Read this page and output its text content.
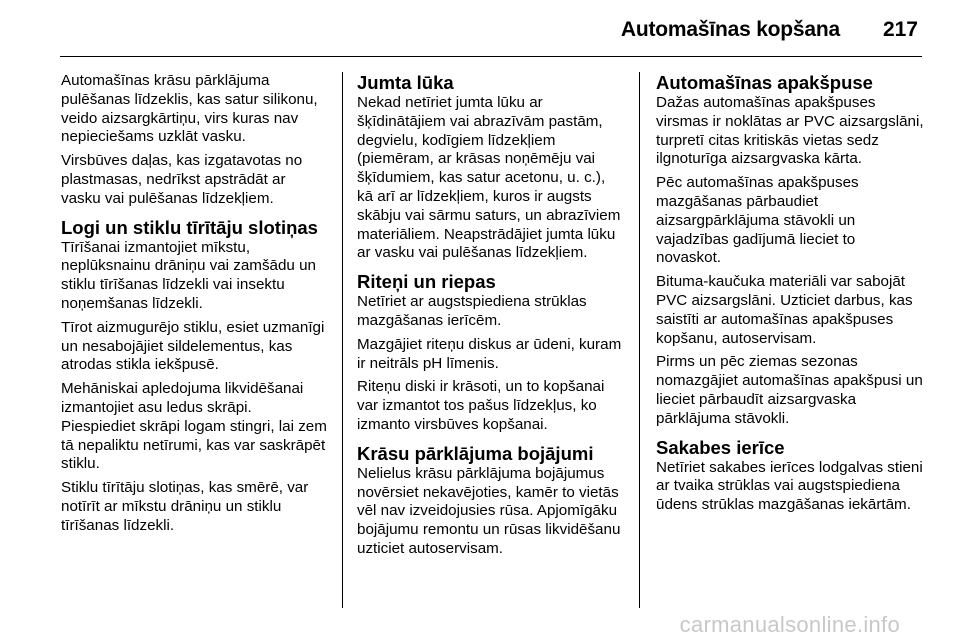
Automašīnas kopšana 217

Automašīnas krāsu pārklājuma pulēšanas līdzeklis, kas satur silikonu, veido aizsargkārtiņu, virs kuras nav nepieciešams uzklāt vasku.

Virsbūves daļas, kas izgatavotas no plastmasas, nedrīkst apstrādāt ar vasku vai pulēšanas līdzekļiem.

Logi un stiklu tīrītāju slotiņas

Tīrīšanai izmantojiet mīkstu, neplūksnainu drāniņu vai zamšādu un stiklu tīrīšanas līdzekli vai insektu noņemšanas līdzekli.

Tīrot aizmugurējo stiklu, esiet uzmanīgi un nesabojājiet sildelementus, kas atrodas stikla iekšpusē.

Mehāniskai apledojuma likvidēšanai izmantojiet asu ledus skrāpi. Piespiediet skrāpi logam stingri, lai zem tā nepaliktu netīrumi, kas var saskrāpēt stiklu.

Stiklu tīrītāju slotiņas, kas smērē, var notīrīt ar mīkstu drāniņu un stiklu tīrīšanas līdzekli.

Jumta lūka

Nekad netīriet jumta lūku ar šķīdinātājiem vai abrazīvām pastām, degvielu, kodīgiem līdzekļiem (piemēram, ar krāsas noņēmēju vai šķīdumiem, kas satur acetonu, u. c.), kā arī ar līdzekļiem, kuros ir augsts skābju vai sārmu saturs, un abrazīviem materiāliem. Neapstrādājiet jumta lūku ar vasku vai pulēšanas līdzekļiem.

Riteņi un riepas

Netīriet ar augstspiediena strūklas mazgāšanas ierīcēm.

Mazgājiet riteņu diskus ar ūdeni, kuram ir neitrāls pH līmenis.

Riteņu diski ir krāsoti, un to kopšanai var izmantot tos pašus līdzekļus, ko izmanto virsbūves kopšanai.

Krāsu pārklājuma bojājumi

Nelielus krāsu pārklājuma bojājumus novērsiet nekavējoties, kamēr to vietās vēl nav izveidojusies rūsa. Apjomīgāku bojājumu remontu un rūsas likvidēšanu uzticiet autoservisam.

Automašīnas apakšpuse

Dažas automašīnas apakšpuses virsmas ir noklātas ar PVC aizsargslāni, turpretī citas kritiskās vietas sedz ilgnoturīga aizsargvaska kārta.

Pēc automašīnas apakšpuses mazgāšanas pārbaudiet aizsargpārklājuma stāvokli un vajadzības gadījumā lieciet to novaskot.

Bituma-kaučuka materiāli var sabojāt PVC aizsargslāni. Uzticiet darbus, kas saistīti ar automašīnas apakšpuses kopšanu, autoservisam.

Pirms un pēc ziemas sezonas nomazgājiet automašīnas apakšpusi un lieciet pārbaudīt aizsargvaska pārklājuma stāvokli.

Sakabes ierīce

Netīriet sakabes ierīces lodgalvas stieni ar tvaika strūklas vai augstspiediena ūdens strūklas mazgāšanas iekārtām.

carmanualsonline.info
